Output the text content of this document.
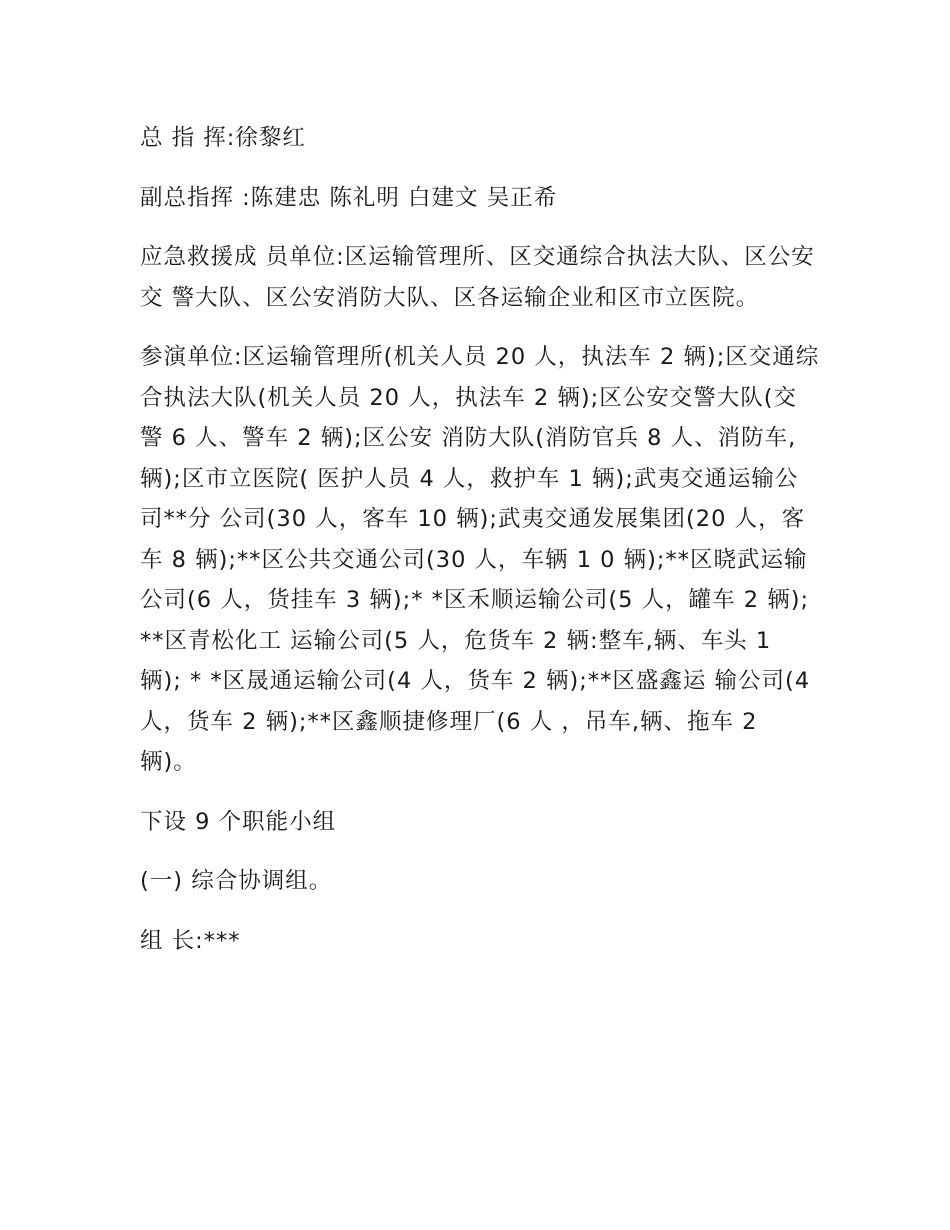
总 指 挥:徐黎红

副总指挥 :陈建忠 陈礼明 白建文 吴正希

应急救援成 员单位:区运输管理所、区交通综合执法大队、区公安交 警大队、区公安消防大队、区各运输企业和区市立医院。

参演单位:区运输管理所(机关人员 20 人，执法车 2 辆);区交通综合执法大队(机关人员 20 人，执法车 2 辆);区公安交警大队(交警 6 人、警车 2 辆);区公安 消防大队(消防官兵 8 人、消防车,辆);区市立医院( 医护人员 4 人，救护车 1 辆);武夷交通运输公司**分 公司(30 人，客车 10 辆);武夷交通发展集团(20 人，客车 8 辆);**区公共交通公司(30 人，车辆 1 0 辆);**区晓武运输公司(6 人，货挂车 3 辆);* *区禾顺运输公司(5 人，罐车 2 辆);**区青松化工 运输公司(5 人，危货车 2 辆:整车,辆、车头 1 辆); * *区晟通运输公司(4 人，货车 2 辆);**区盛鑫运 输公司(4 人，货车 2 辆);**区鑫顺捷修理厂(6 人 ，吊车,辆、拖车 2 辆)。

下设 9 个职能小组

(一) 综合协调组。

组 长:***
